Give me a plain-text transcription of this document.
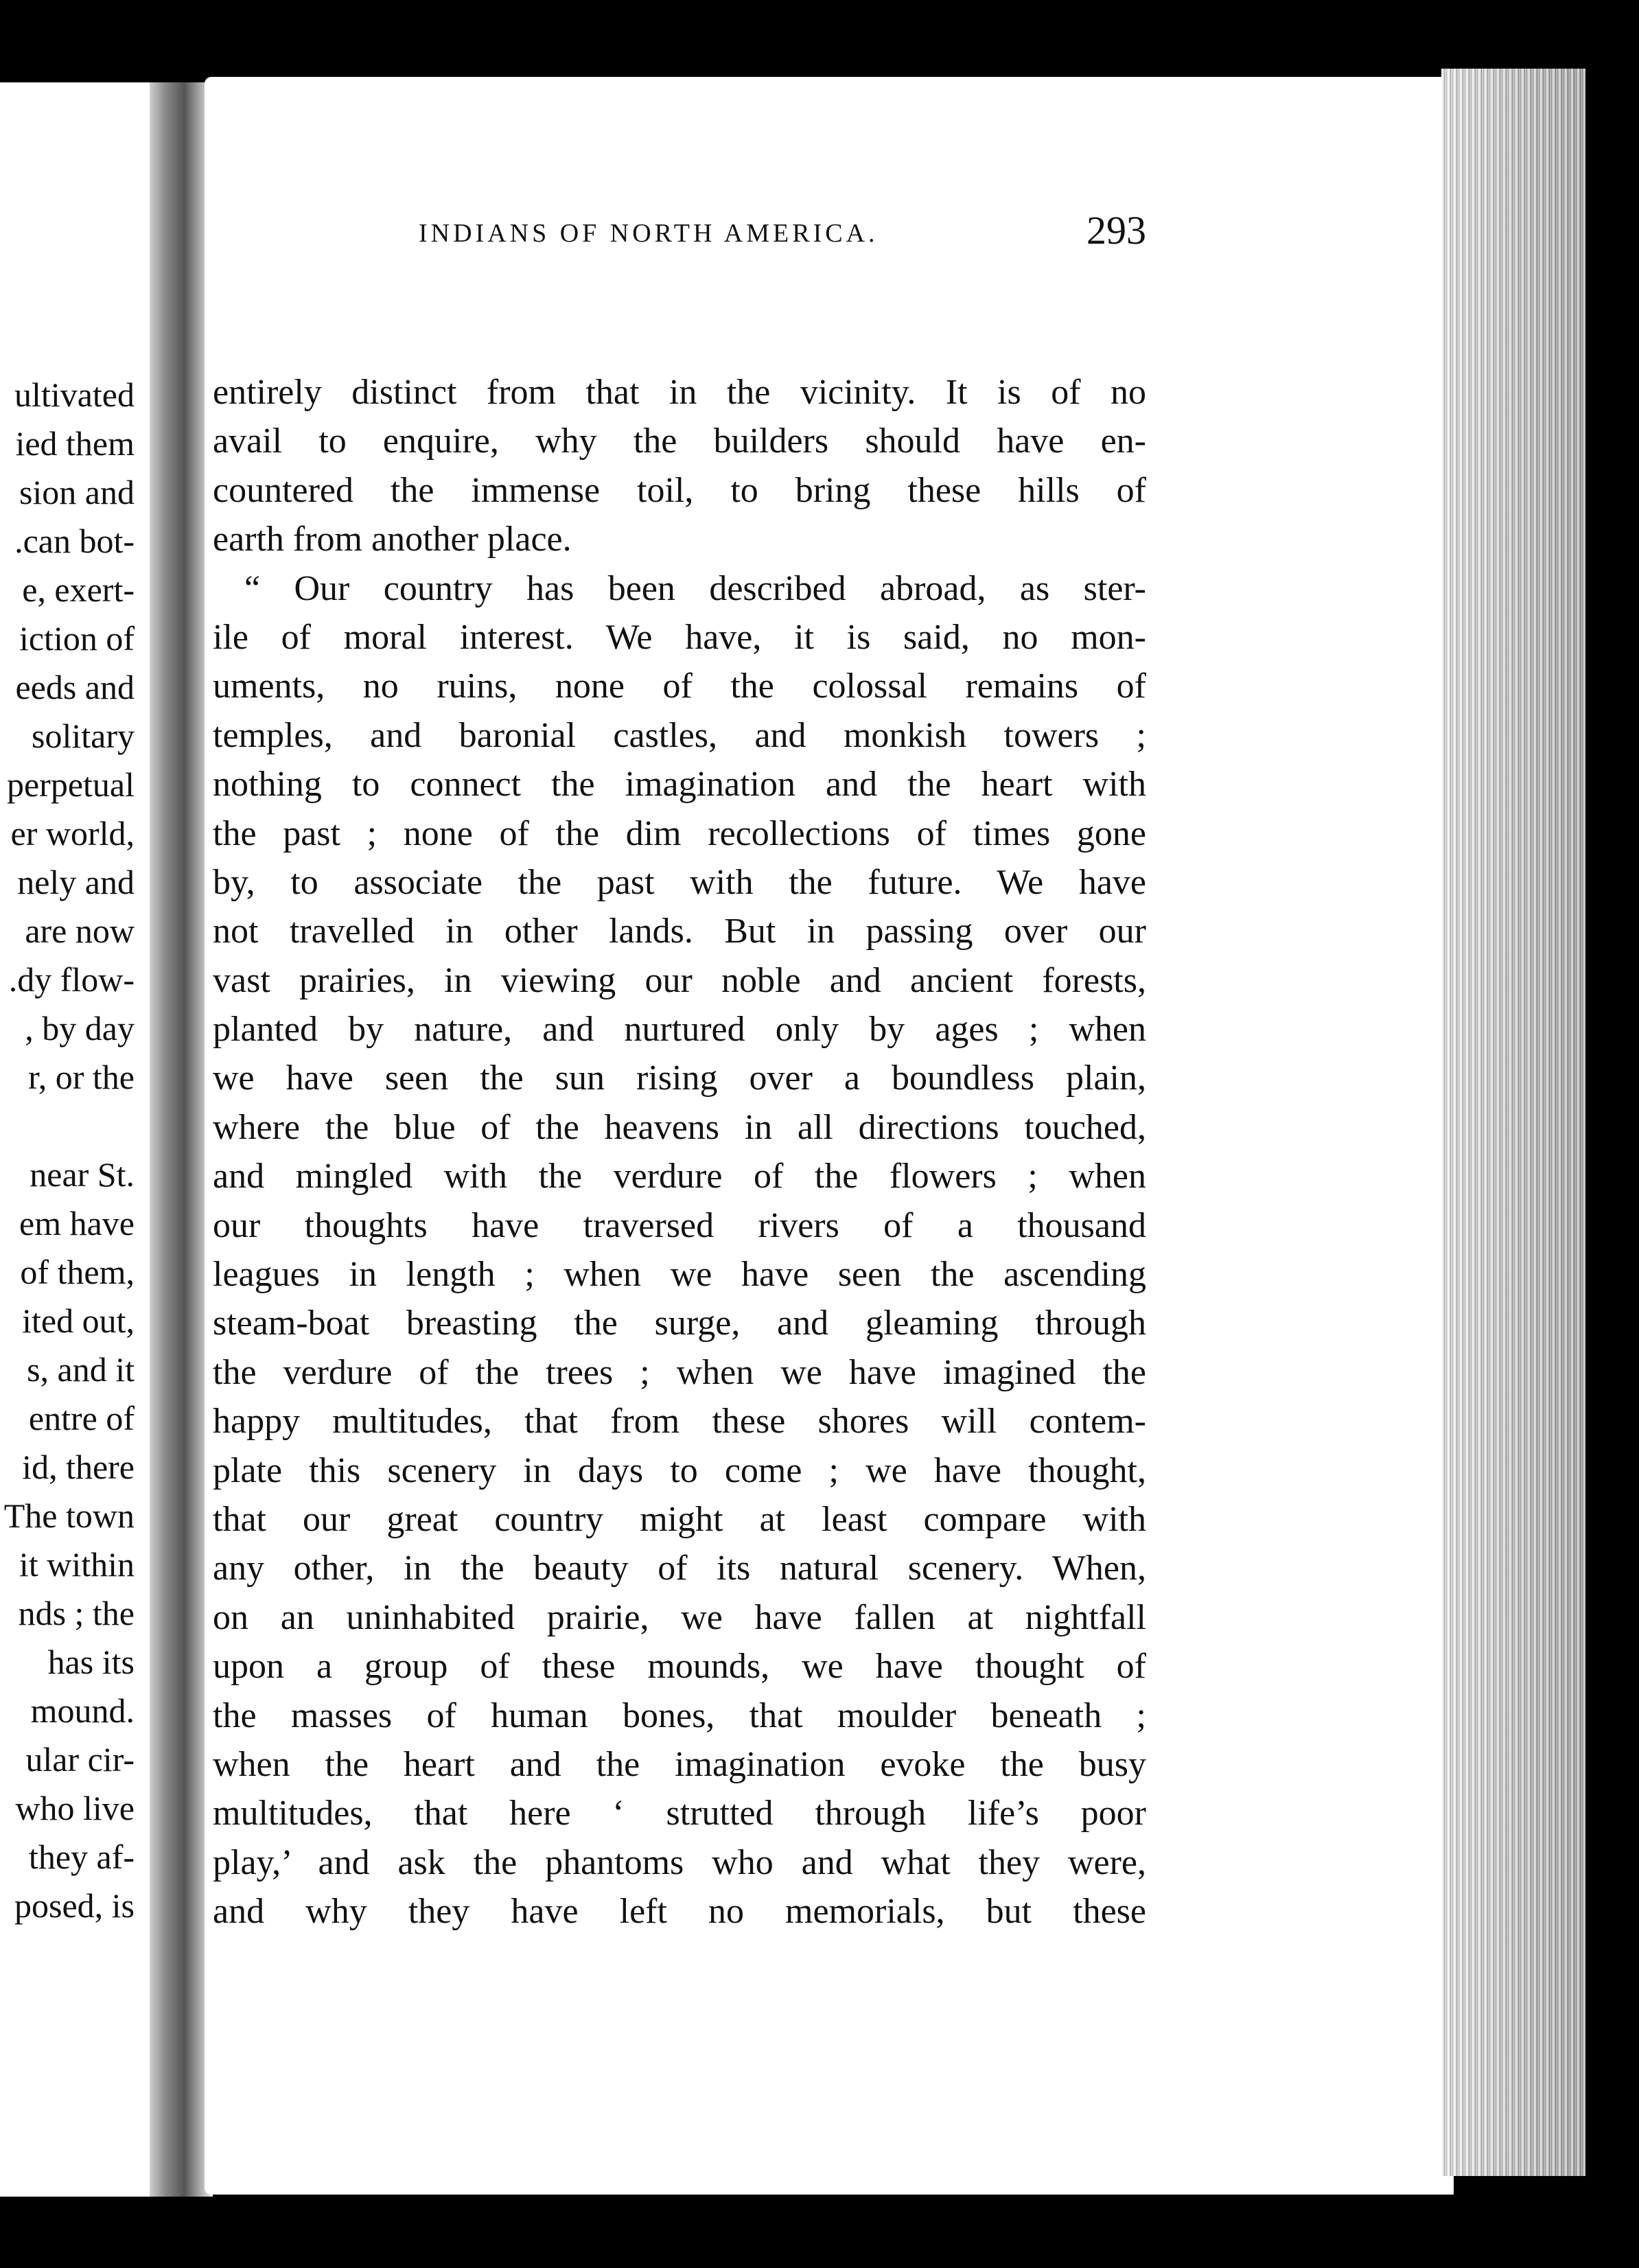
ultivated
ied them
sion and
.can bot-
e, exert-
iction of
eeds and
solitary
perpetual
er world,
nely and
are now
.dy flow-
, by day
r, or the
near St.
em have
of them,
ited out,
s, and it
entre of
id, there
The town
it within
nds ; the
has its
mound.
ular cir-
who live
they af-
posed, is
INDIANS OF NORTH AMERICA.	293
entirely distinct from that in the vicinity. It is of no
avail to enquire, why the builders should have en-
countered the immense toil, to bring these hills of
earth from another place.
“ Our country has been described abroad, as ster-
ile of moral interest. We have, it is said, no mon-
uments, no ruins, none of the colossal remains of
temples, and baronial castles, and monkish towers ;
nothing to connect the imagination and the heart with
the past ; none of the dim recollections of times gone
by, to associate the past with the future. We have
not travelled in other lands. But in passing over our
vast prairies, in viewing our noble and ancient forests,
planted by nature, and nurtured only by ages ; when
we have seen the sun rising over a boundless plain,
where the blue of the heavens in all directions touched,
and mingled with the verdure of the flowers ; when
our thoughts have traversed rivers of a thousand
leagues in length ; when we have seen the ascending
steam-boat breasting the surge, and gleaming through
the verdure of the trees ; when we have imagined the
happy multitudes, that from these shores will contem-
plate this scenery in days to come ; we have thought,
that our great country might at least compare with
any other, in the beauty of its natural scenery. When,
on an uninhabited prairie, we have fallen at nightfall
upon a group of these mounds, we have thought of
the masses of human bones, that moulder beneath ;
when the heart and the imagination evoke the busy
multitudes, that here ‘ strutted through life’s poor
play,’ and ask the phantoms who and what they were,
and why they have left no memorials, but these
